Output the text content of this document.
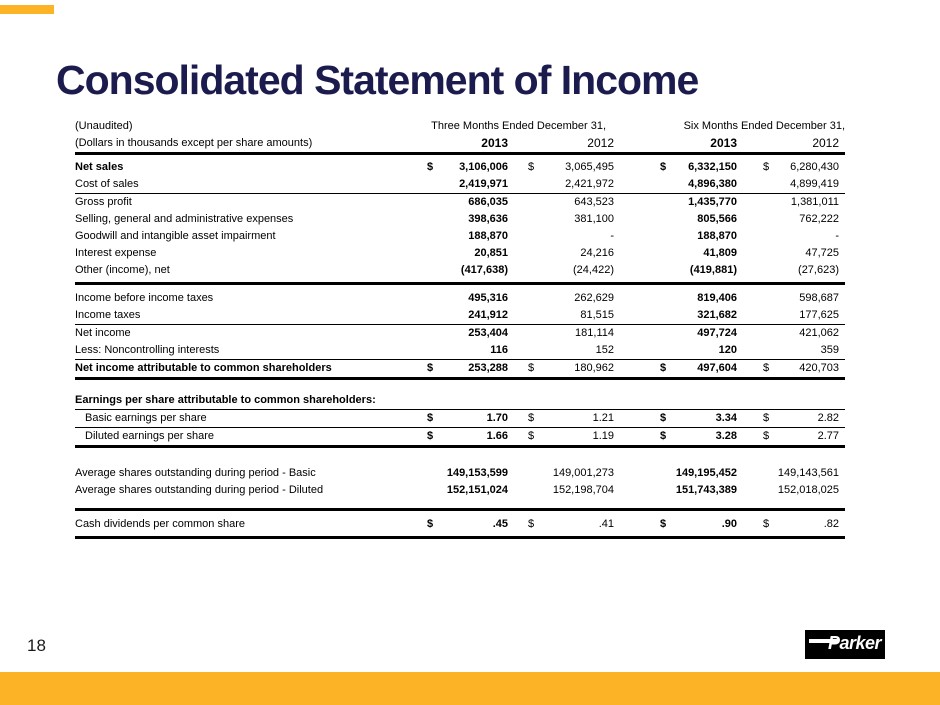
Consolidated Statement of Income
(Unaudited)	Three Months Ended December 31,		Six Months Ended December 31,	
(Dollars in thousands except per share amounts)	2013	2012	2013	2012
Net sales	$ 3,106,006	$ 3,065,495	$ 6,332,150	$ 6,280,430

Cost of sales	2,419,971	2,421,972	4,896,380	4,899,419

Gross profit	686,035	643,523	1,435,770	1,381,011

Selling, general and administrative expenses	398,636	381,100	805,566	762,222

Goodwill and intangible asset impairment	188,870	-	188,870	-

Interest expense	20,851	24,216	41,809	47,725

Other (income), net	(417,638)	(24,422)	(419,881)	(27,623)

Income before income taxes	495,316	262,629	819,406	598,687

Income taxes	241,912	81,515	321,682	177,625

Net income	253,404	181,114	497,724	421,062

Less: Noncontrolling interests	116	152	120	359

Net income attributable to common shareholders	$ 253,288	$ 180,962	$ 497,604	$ 420,703

Earnings per share attributable to common shareholders:	

Basic earnings per share	$ 1.70	$ 1.21	$ 3.34	$ 2.82

Diluted earnings per share	$ 1.66	$ 1.19	$ 3.28	$ 2.77

Average shares outstanding during period - Basic	149,153,599	149,001,273	149,195,452	149,143,561

Average shares outstanding during period - Diluted	152,151,024	152,198,704	151,743,389	152,018,025

Cash dividends per common share	$ .45	$ .41	$ .90	$ .82
18	Parker
